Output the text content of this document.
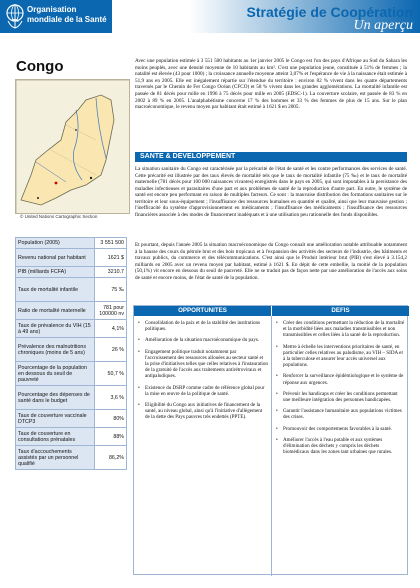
Organisation mondiale de la Santé	Stratégie de Coopération
Un aperçu
Congo
© United Nations Cartographic Section
Avec une population estimée à 3 551 500 habitants au 1er janvier 2005 le Congo est l'un des pays d'Afrique au Sud du Sahara les moins peuplés, avec une densité moyenne de 10 habitants au km². C'est une population jeune, constituée à 51% de femmes ; la natalité est élevée (43 pour 1000) ; la croissance annuelle moyenne atteint 3,07% et l'espérance de vie à la naissance était estimée à 51,9 ans en 2005. Elle est inégalement répartie sur l'étendue du territoire : environ 82 % vivent dans les quatre départements traversés par le Chemin de Fer Congo Océan (CFCO) et 58 % vivent dans les grandes agglomérations. La mortalité infantile est passée de 81 décès pour mille en 1996 à 75 décès pour mille en 2005 (EDSC-1). La couverture scolaire, est passée de 83 % en 2002 à 89 % en 2005. L'analphabétisme concerne 17 % des hommes et 33 % des femmes de plus de 15 ans. Sur le plan macroéconomique, le revenu moyen par habitant était estimé à 1621 $ en 2005.
SANTE & DEVELOPPEMENT
La situation sanitaire du Congo est caractérisée par la précarité de l'état de santé et les contre performances des services de santé. Cette précarité est illustrée par des taux élevés de mortalité tels que le taux de mortalité infantile (75 ‰) et le taux de mortalité maternelle (781 décès pour 100 000 naissances vivantes) enregistrés dans le pays en 2005, qui sont imputables à la persistance des maladies infectieuses et parasitaires d'une part et aux problèmes de santé de la reproduction d'autre part. En outre, le système de santé est encore peu performant en raison de multiples facteurs. Ce sont : la mauvaise distribution des formations sanitaires sur le territoire et leur sous-équipement ; l'insuffisance des ressources humaines en quantité et qualité, ainsi que leur mauvaise gestion ; l'inefficacité du système d'approvisionnement en médicaments ; l'insuffisance des médicaments ; l'insuffisance des ressources financières associée à des modes de financement inadéquats et à une utilisation peu rationnelle des fonds disponibles.
Et pourtant, depuis l'année 2005 la situation macroéconomique du Congo connaît une amélioration notable attribuable notamment à la hausse des cours du pétrole brut et des bois tropicaux et à l'expansion des activités des secteurs de l'industrie, des bâtiments et travaux publics, du commerce et des télécommunications. C'est ainsi que le Produit intérieur brut (PIB) s'est élevé à 3.154,2 milliards en 2005 avec un revenu moyen par habitant, estimé à 1621 $. En dépit de cette embellie, la moitié de la population (50,1%) vit encore en dessous du seuil de pauvreté. Elle ne se traduit pas de façon nette par une amélioration de l'accès aux soins de santé et encore moins, de l'état de santé de la population.
Population (2005)	3 551 500
Revenu national par habitant	1621 $
PIB (milliards FCFA)	3210.7
Taux de mortalité infantile	75 ‰
Ratio de mortalité maternelle	781 pour 100000 nv
Taux de prévalence du VIH (15 à 49 ans)	4,1%
Prévalence des malnutritions chroniques (moins de 5 ans)	26 %
Pourcentage de la population en dessous du seuil de pauvreté	50,7 %
Pourcentage des dépenses de santé dans le budget	3,6 %
Taux de couverture vaccinale DTCP3	80%
Taux de couverture en consultations prénatales	88%
Taux d'accouchements assistés par un personnel qualifié	86,2%
OPPORTUNITES	DEFIS
• Consolidation de la paix et de la stabilité des institutions politiques.
• Amélioration de la situation macroéconomique du pays.
• Engagement politique traduit notamment par l'accroissement des ressources allouées au secteur santé et la prise d'initiatives telles que celles relatives à l'instauration de la gratuité de l'accès aux traitements antirétroviraux et antipaludiques.
• Existence du DSRP comme cadre de référence global pour la mise en œuvre de la politique de santé.
• Eligibilité du Congo aux initiatives de financement de la santé, au niveau global, ainsi qu'à l'initiative d'allègement de la dette des Pays pauvres très endettés (PPTE).
• Créer des conditions permettant la réduction de la mortalité et la morbidité liées aux maladies transmissibles et non transmissibles et celles liées à la santé de la reproduction.
• Mettre à échelle les interventions prioritaires de santé, en particulier celles relatives au paludisme, au VIH – SIDA et à la tuberculose et assurer leur accès universel aux populations.
• Renforcer la surveillance épidémiologique et le système de réponse aux urgences.
• Prévenir les handicaps et créer les conditions permettant une meilleure intégration des personnes handicapées.
• Garantir l'assistance humanitaire aux populations victimes des crises.
• Promouvoir des comportements favorables à la santé.
• Améliorer l'accès à l'eau potable et aux systèmes d'élimination des déchets y compris les déchets biomédicaux dans les zones tant urbaines que rurales.
